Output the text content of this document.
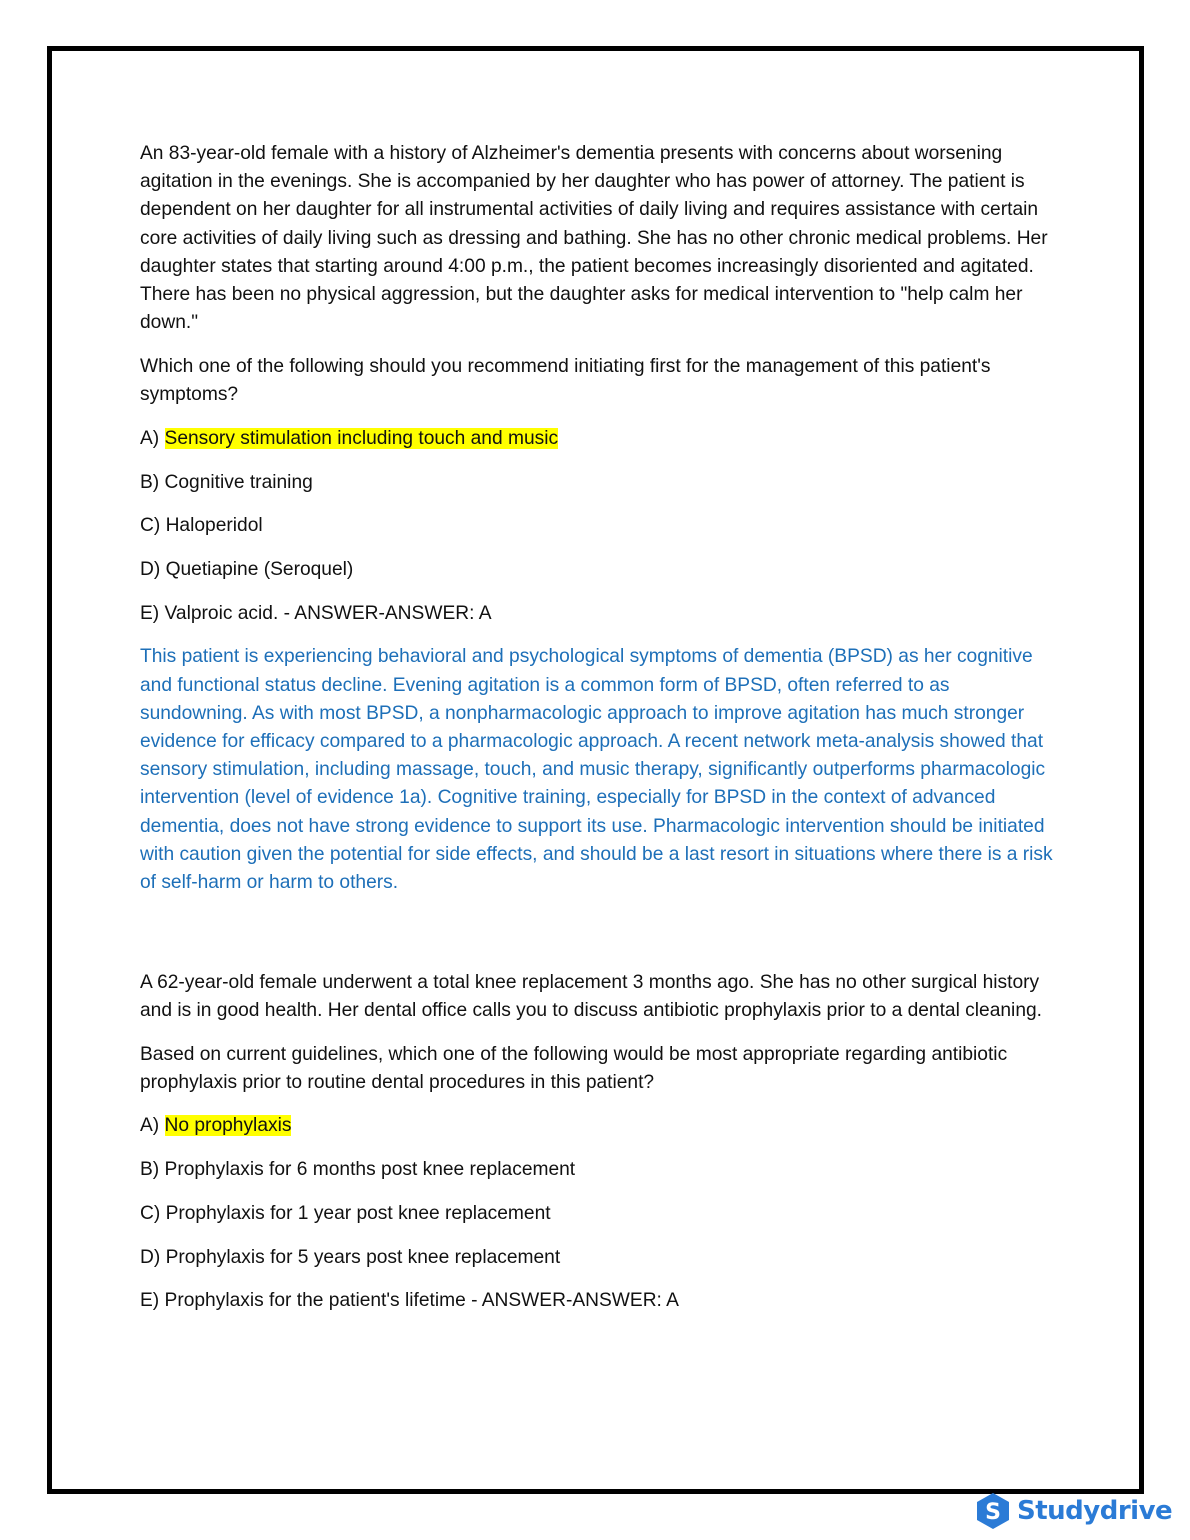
An 83-year-old female with a history of Alzheimer's dementia presents with concerns about worsening agitation in the evenings. She is accompanied by her daughter who has power of attorney. The patient is dependent on her daughter for all instrumental activities of daily living and requires assistance with certain core activities of daily living such as dressing and bathing. She has no other chronic medical problems. Her daughter states that starting around 4:00 p.m., the patient becomes increasingly disoriented and agitated. There has been no physical aggression, but the daughter asks for medical intervention to "help calm her down."

Which one of the following should you recommend initiating first for the management of this patient's symptoms?

A) Sensory stimulation including touch and music

B) Cognitive training

C) Haloperidol

D) Quetiapine (Seroquel)

E) Valproic acid. - ANSWER-ANSWER: A

This patient is experiencing behavioral and psychological symptoms of dementia (BPSD) as her cognitive and functional status decline. Evening agitation is a common form of BPSD, often referred to as sundowning. As with most BPSD, a nonpharmacologic approach to improve agitation has much stronger evidence for efficacy compared to a pharmacologic approach. A recent network meta-analysis showed that sensory stimulation, including massage, touch, and music therapy, significantly outperforms pharmacologic intervention (level of evidence 1a). Cognitive training, especially for BPSD in the context of advanced dementia, does not have strong evidence to support its use. Pharmacologic intervention should be initiated with caution given the potential for side effects, and should be a last resort in situations where there is a risk of self-harm or harm to others.

A 62-year-old female underwent a total knee replacement 3 months ago. She has no other surgical history and is in good health. Her dental office calls you to discuss antibiotic prophylaxis prior to a dental cleaning.

Based on current guidelines, which one of the following would be most appropriate regarding antibiotic prophylaxis prior to routine dental procedures in this patient?

A) No prophylaxis

B) Prophylaxis for 6 months post knee replacement

C) Prophylaxis for 1 year post knee replacement

D) Prophylaxis for 5 years post knee replacement

E) Prophylaxis for the patient's lifetime - ANSWER-ANSWER: A

S Studydrive
